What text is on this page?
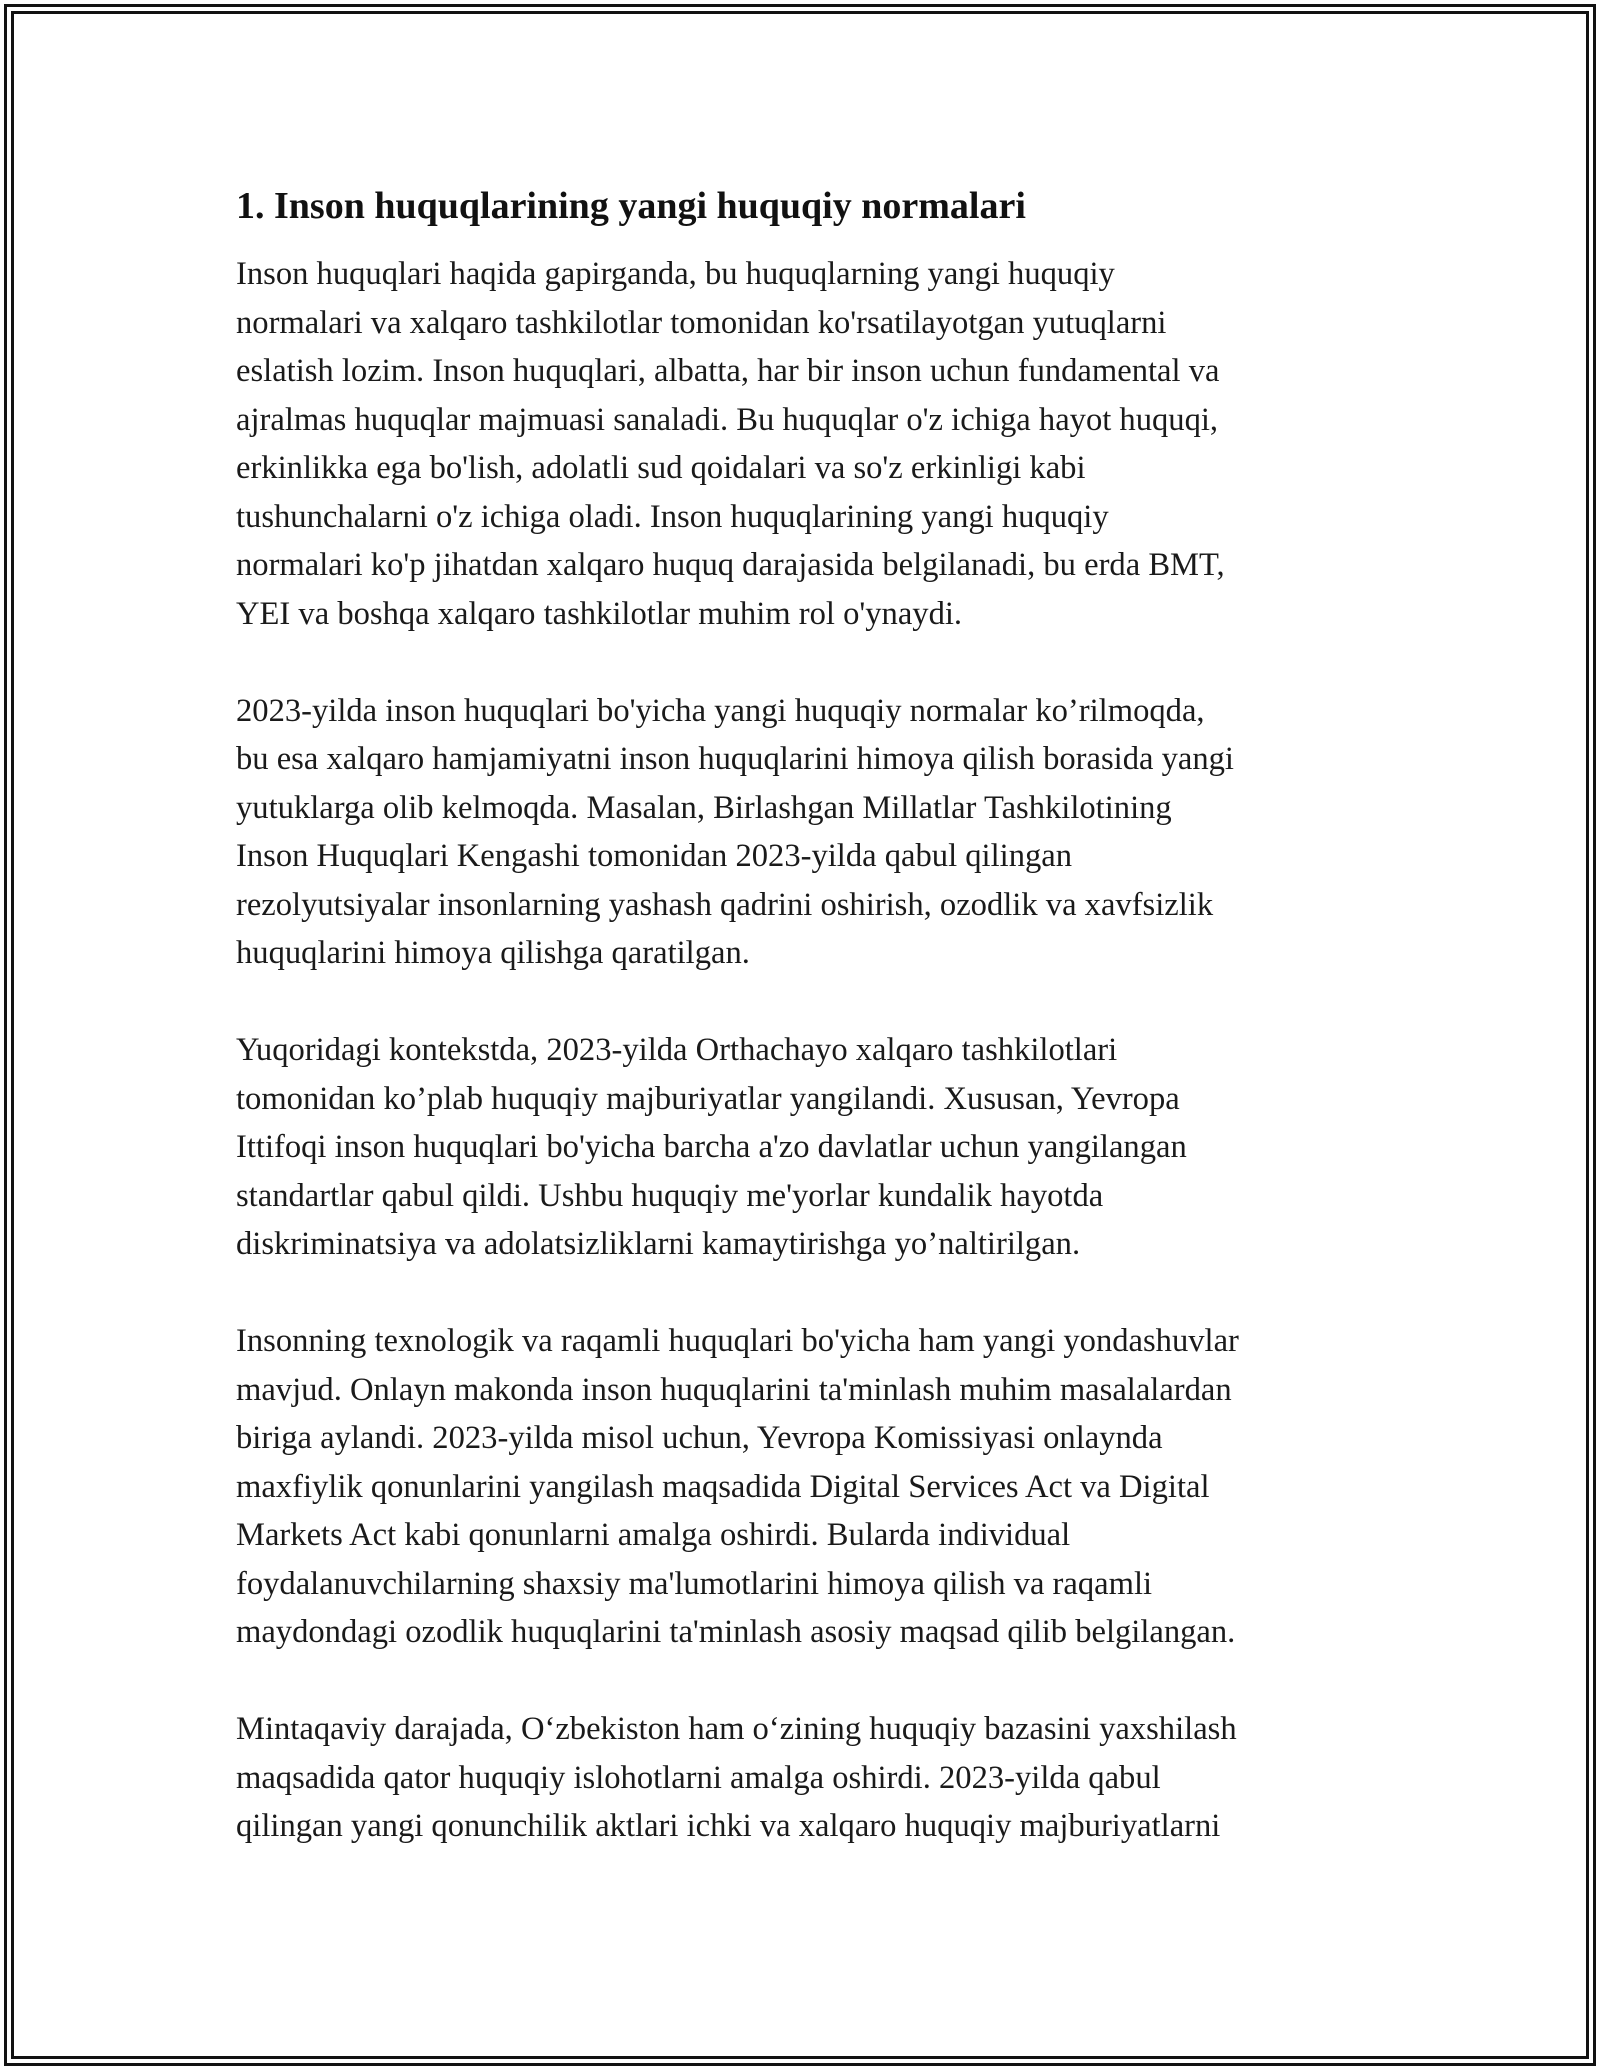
1. Inson huquqlarining yangi huquqiy normalari

Inson huquqlari haqida gapirganda, bu huquqlarning yangi huquqiy
normalari va xalqaro tashkilotlar tomonidan ko'rsatilayotgan yutuqlarni
eslatish lozim. Inson huquqlari, albatta, har bir inson uchun fundamental va
ajralmas huquqlar majmuasi sanaladi. Bu huquqlar o'z ichiga hayot huquqi,
erkinlikka ega bo'lish, adolatli sud qoidalari va so'z erkinligi kabi
tushunchalarni o'z ichiga oladi. Inson huquqlarining yangi huquqiy
normalari ko'p jihatdan xalqaro huquq darajasida belgilanadi, bu erda BMT,
YEI va boshqa xalqaro tashkilotlar muhim rol o'ynaydi.

2023-yilda inson huquqlari bo'yicha yangi huquqiy normalar ko’rilmoqda,
bu esa xalqaro hamjamiyatni inson huquqlarini himoya qilish borasida yangi
yutuklarga olib kelmoqda. Masalan, Birlashgan Millatlar Tashkilotining
Inson Huquqlari Kengashi tomonidan 2023-yilda qabul qilingan
rezolyutsiyalar insonlarning yashash qadrini oshirish, ozodlik va xavfsizlik
huquqlarini himoya qilishga qaratilgan.

Yuqoridagi kontekstda, 2023-yilda Orthachayo xalqaro tashkilotlari
tomonidan ko’plab huquqiy majburiyatlar yangilandi. Xususan, Yevropa
Ittifoqi inson huquqlari bo'yicha barcha a'zo davlatlar uchun yangilangan
standartlar qabul qildi. Ushbu huquqiy me'yorlar kundalik hayotda
diskriminatsiya va adolatsizliklarni kamaytirishga yo’naltirilgan.

Insonning texnologik va raqamli huquqlari bo'yicha ham yangi yondashuvlar
mavjud. Onlayn makonda inson huquqlarini ta'minlash muhim masalalardan
biriga aylandi. 2023-yilda misol uchun, Yevropa Komissiyasi onlaynda
maxfiylik qonunlarini yangilash maqsadida Digital Services Act va Digital
Markets Act kabi qonunlarni amalga oshirdi. Bularda individual
foydalanuvchilarning shaxsiy ma'lumotlarini himoya qilish va raqamli
maydondagi ozodlik huquqlarini ta'minlash asosiy maqsad qilib belgilangan.

Mintaqaviy darajada, O‘zbekiston ham o‘zining huquqiy bazasini yaxshilash
maqsadida qator huquqiy islohotlarni amalga oshirdi. 2023-yilda qabul
qilingan yangi qonunchilik aktlari ichki va xalqaro huquqiy majburiyatlarni
